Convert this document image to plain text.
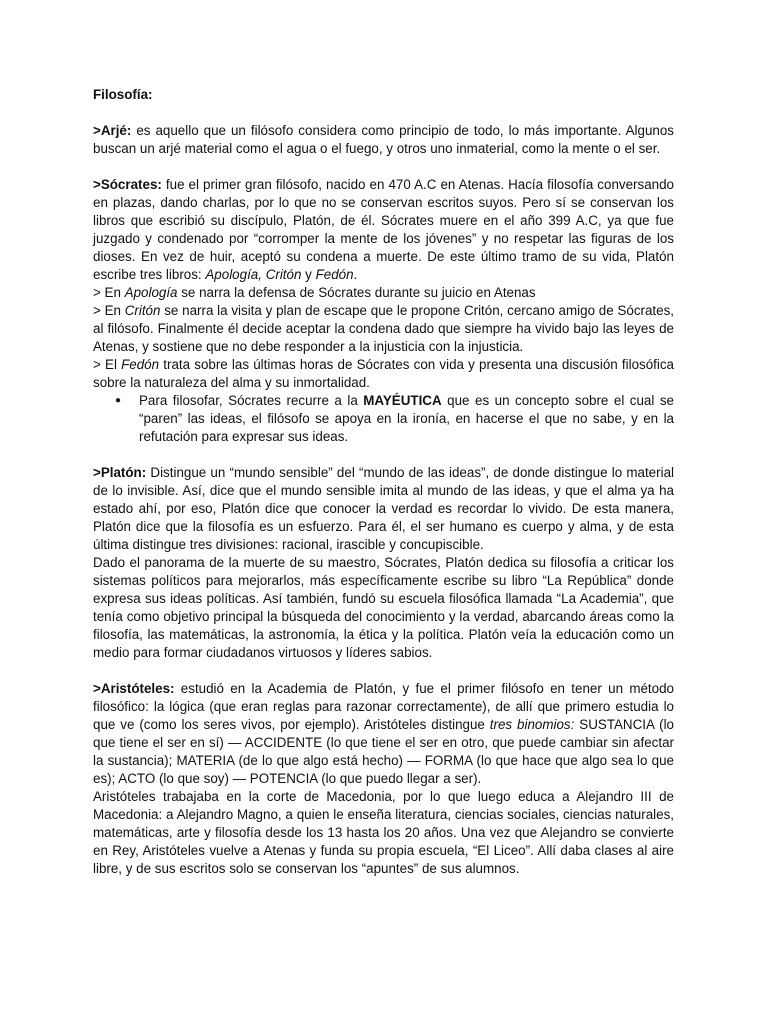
Filosofía:

>Arjé: es aquello que un filósofo considera como principio de todo, lo más importante. Algunos buscan un arjé material como el agua o el fuego, y otros uno inmaterial, como la mente o el ser.

>Sócrates: fue el primer gran filósofo, nacido en 470 A.C en Atenas. Hacía filosofía conversando en plazas, dando charlas, por lo que no se conservan escritos suyos. Pero sí se conservan los libros que escribió su discípulo, Platón, de él. Sócrates muere en el año 399 A.C, ya que fue juzgado y condenado por “corromper la mente de los jóvenes” y no respetar las figuras de los dioses. En vez de huir, aceptó su condena a muerte. De este último tramo de su vida, Platón escribe tres libros: Apología, Critón y Fedón.

> En Apología se narra la defensa de Sócrates durante su juicio en Atenas

> En Critón se narra la visita y plan de escape que le propone Critón, cercano amigo de Sócrates, al filósofo. Finalmente él decide aceptar la condena dado que siempre ha vivido bajo las leyes de Atenas, y sostiene que no debe responder a la injusticia con la injusticia.

> El Fedón trata sobre las últimas horas de Sócrates con vida y presenta una discusión filosófica sobre la naturaleza del alma y su inmortalidad.

● Para filosofar, Sócrates recurre a la MAYÉUTICA que es un concepto sobre el cual se “paren” las ideas, el filósofo se apoya en la ironía, en hacerse el que no sabe, y en la refutación para expresar sus ideas.

>Platón: Distingue un “mundo sensible” del “mundo de las ideas”, de donde distingue lo material de lo invisible. Así, dice que el mundo sensible imita al mundo de las ideas, y que el alma ya ha estado ahí, por eso, Platón dice que conocer la verdad es recordar lo vivido. De esta manera, Platón dice que la filosofía es un esfuerzo. Para él, el ser humano es cuerpo y alma, y de esta última distingue tres divisiones: racional, irascible y concupiscible.

Dado el panorama de la muerte de su maestro, Sócrates, Platón dedica su filosofía a criticar los sistemas políticos para mejorarlos, más específicamente escribe su libro “La República” donde expresa sus ideas políticas. Así también, fundó su escuela filosófica llamada “La Academia”, que tenía como objetivo principal la búsqueda del conocimiento y la verdad, abarcando áreas como la filosofía, las matemáticas, la astronomía, la ética y la política. Platón veía la educación como un medio para formar ciudadanos virtuosos y líderes sabios.

>Aristóteles: estudió en la Academia de Platón, y fue el primer filósofo en tener un método filosófico: la lógica (que eran reglas para razonar correctamente), de allí que primero estudia lo que ve (como los seres vivos, por ejemplo). Aristóteles distingue tres binomios: SUSTANCIA (lo que tiene el ser en sí) — ACCIDENTE (lo que tiene el ser en otro, que puede cambiar sin afectar la sustancia); MATERIA (de lo que algo está hecho) — FORMA (lo que hace que algo sea lo que es); ACTO (lo que soy) — POTENCIA (lo que puedo llegar a ser).

Aristóteles trabajaba en la corte de Macedonia, por lo que luego educa a Alejandro III de Macedonia: a Alejandro Magno, a quien le enseña literatura, ciencias sociales, ciencias naturales, matemáticas, arte y filosofía desde los 13 hasta los 20 años. Una vez que Alejandro se convierte en Rey, Aristóteles vuelve a Atenas y funda su propia escuela, “El Liceo”. Allí daba clases al aire libre, y de sus escritos solo se conservan los “apuntes” de sus alumnos.
